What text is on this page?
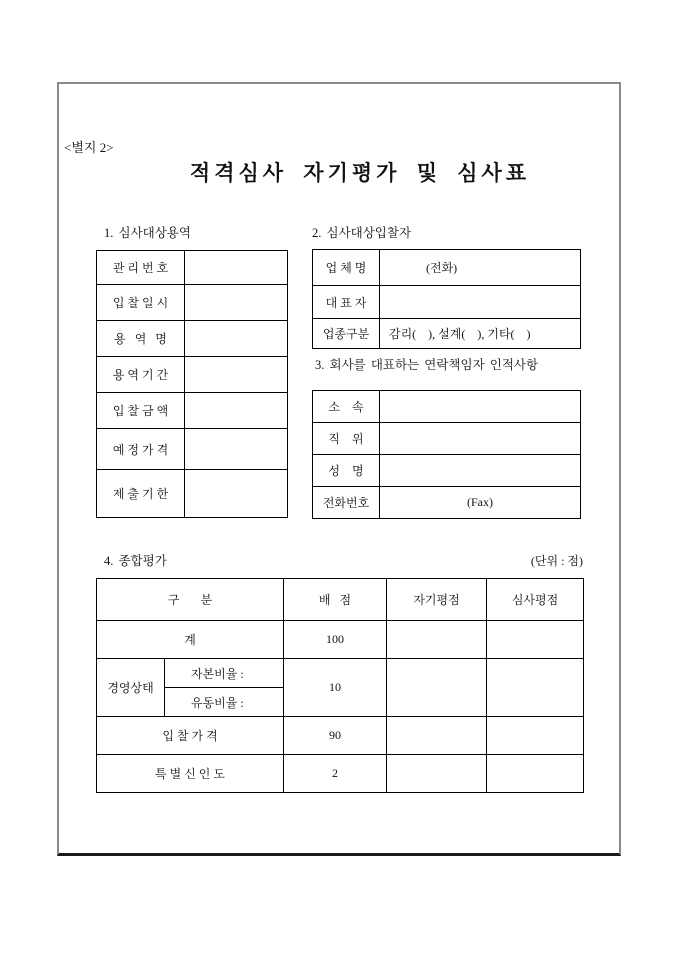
<별지 2>
적격심사 자기평가 및 심사표
1. 심사대상용역
관 리 번 호	
입 찰 일 시	
용   역   명	
용 역 기 간	
입 찰 금 액	
예 정 가 격	
제 출 기 한	
2. 심사대상입찰자
업 체 명	(전화)
대 표 자	
업종구분	감리(    ), 설계(    ), 기타(    )
3. 회사를 대표하는 연락책임자 인적사항
소    속	
직    위	
성    명	
전화번호	(Fax)
4. 종합평가	(단위 : 점)
구       분		배   점	자기평점	심사평점
계		100		
경영상태	자본비율 :	10		
	유동비율 :			
입 찰 가 격		90		
특 별 신 인 도		2		
